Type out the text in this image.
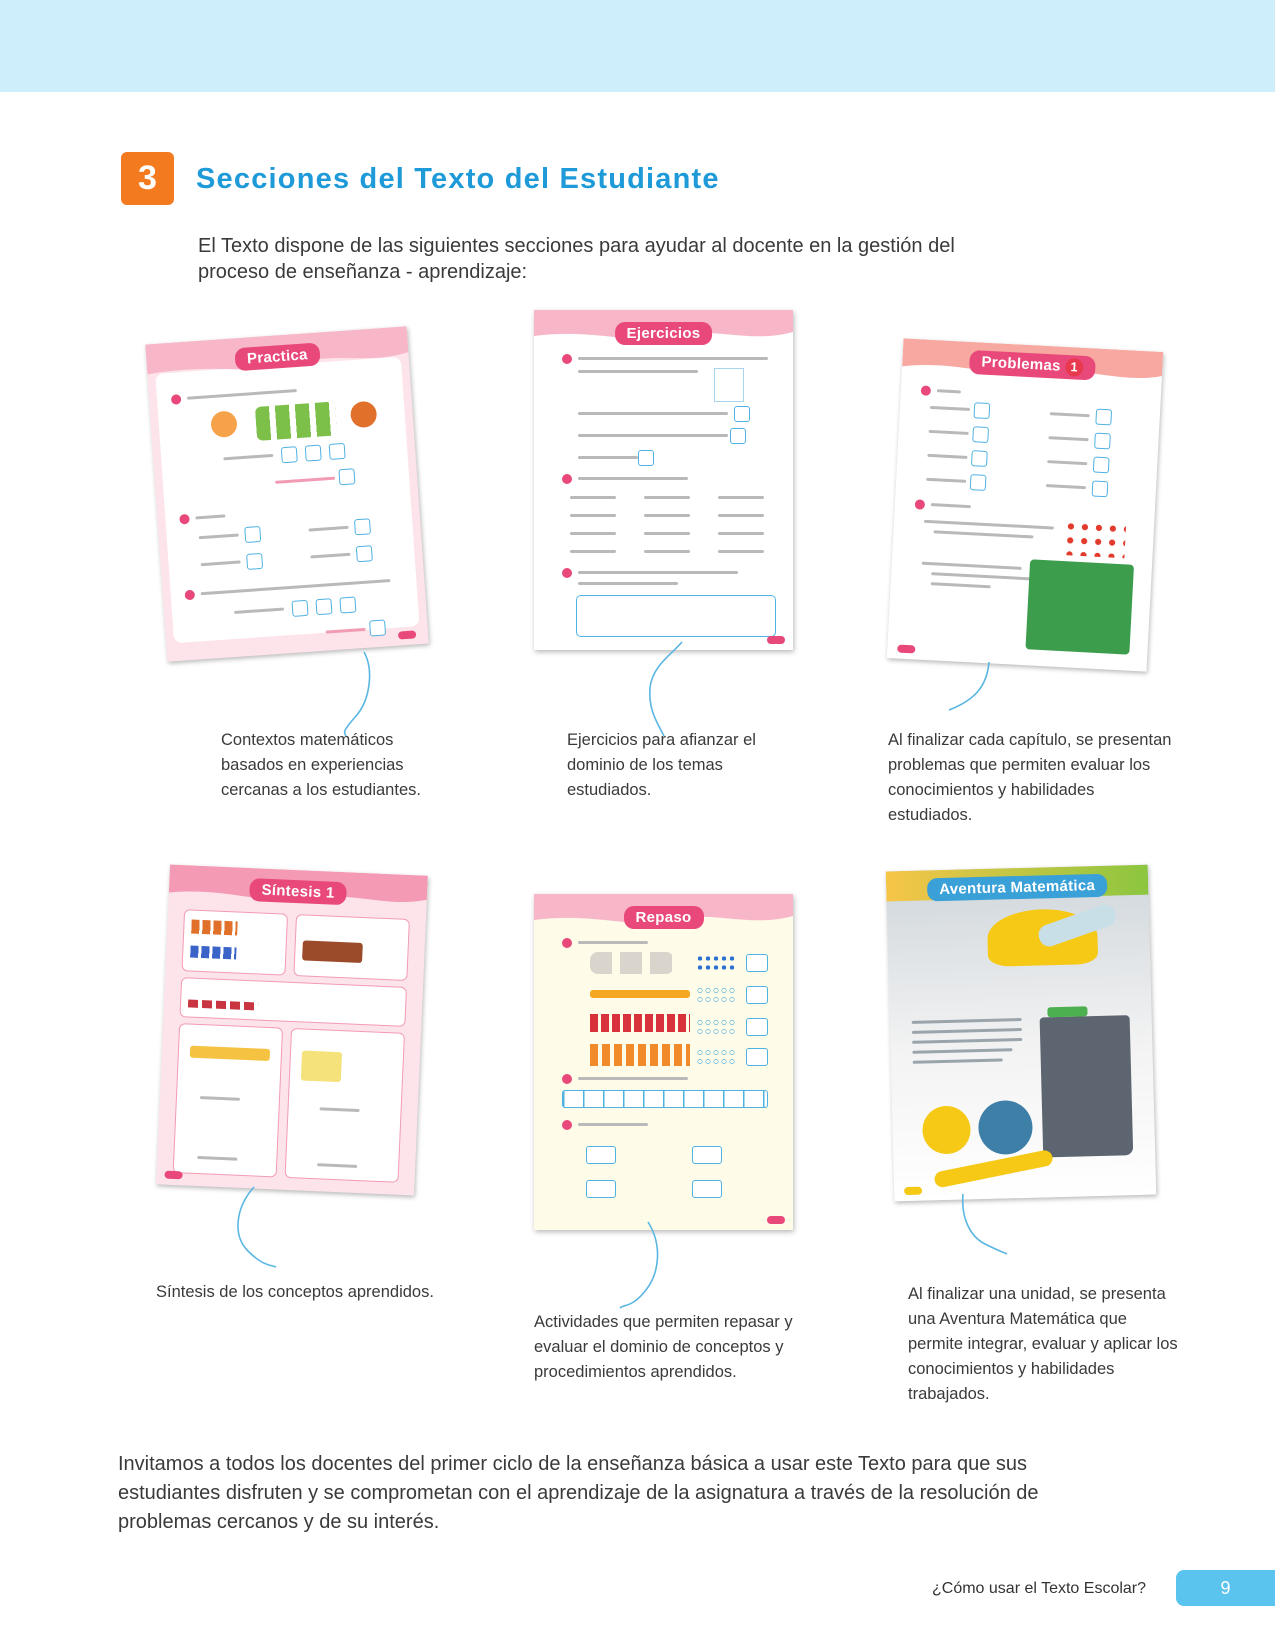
3	Secciones del Texto del Estudiante

El Texto dispone de las siguientes secciones para ayudar al docente en la gestión del proceso de enseñanza - aprendizaje:

Practica

Contextos matemáticos basados en experiencias cercanas a los estudiantes.

Ejercicios

Ejercicios para afianzar el dominio de los temas estudiados.

Problemas 1

Al finalizar cada capítulo, se presentan problemas que permiten evaluar los conocimientos y habilidades estudiados.

Síntesis 1

Síntesis de los conceptos aprendidos.

Repaso

Actividades que permiten repasar y evaluar el dominio de conceptos y procedimientos aprendidos.

Aventura Matemática

Al finalizar una unidad, se presenta una Aventura Matemática que permite integrar, evaluar y aplicar los conocimientos y habilidades trabajados.

Invitamos a todos los docentes del primer ciclo de la enseñanza básica a usar este Texto para que sus estudiantes disfruten y se comprometan con el aprendizaje de la asignatura a través de la resolución de problemas cercanos y de su interés.

¿Cómo usar el Texto Escolar?	9
